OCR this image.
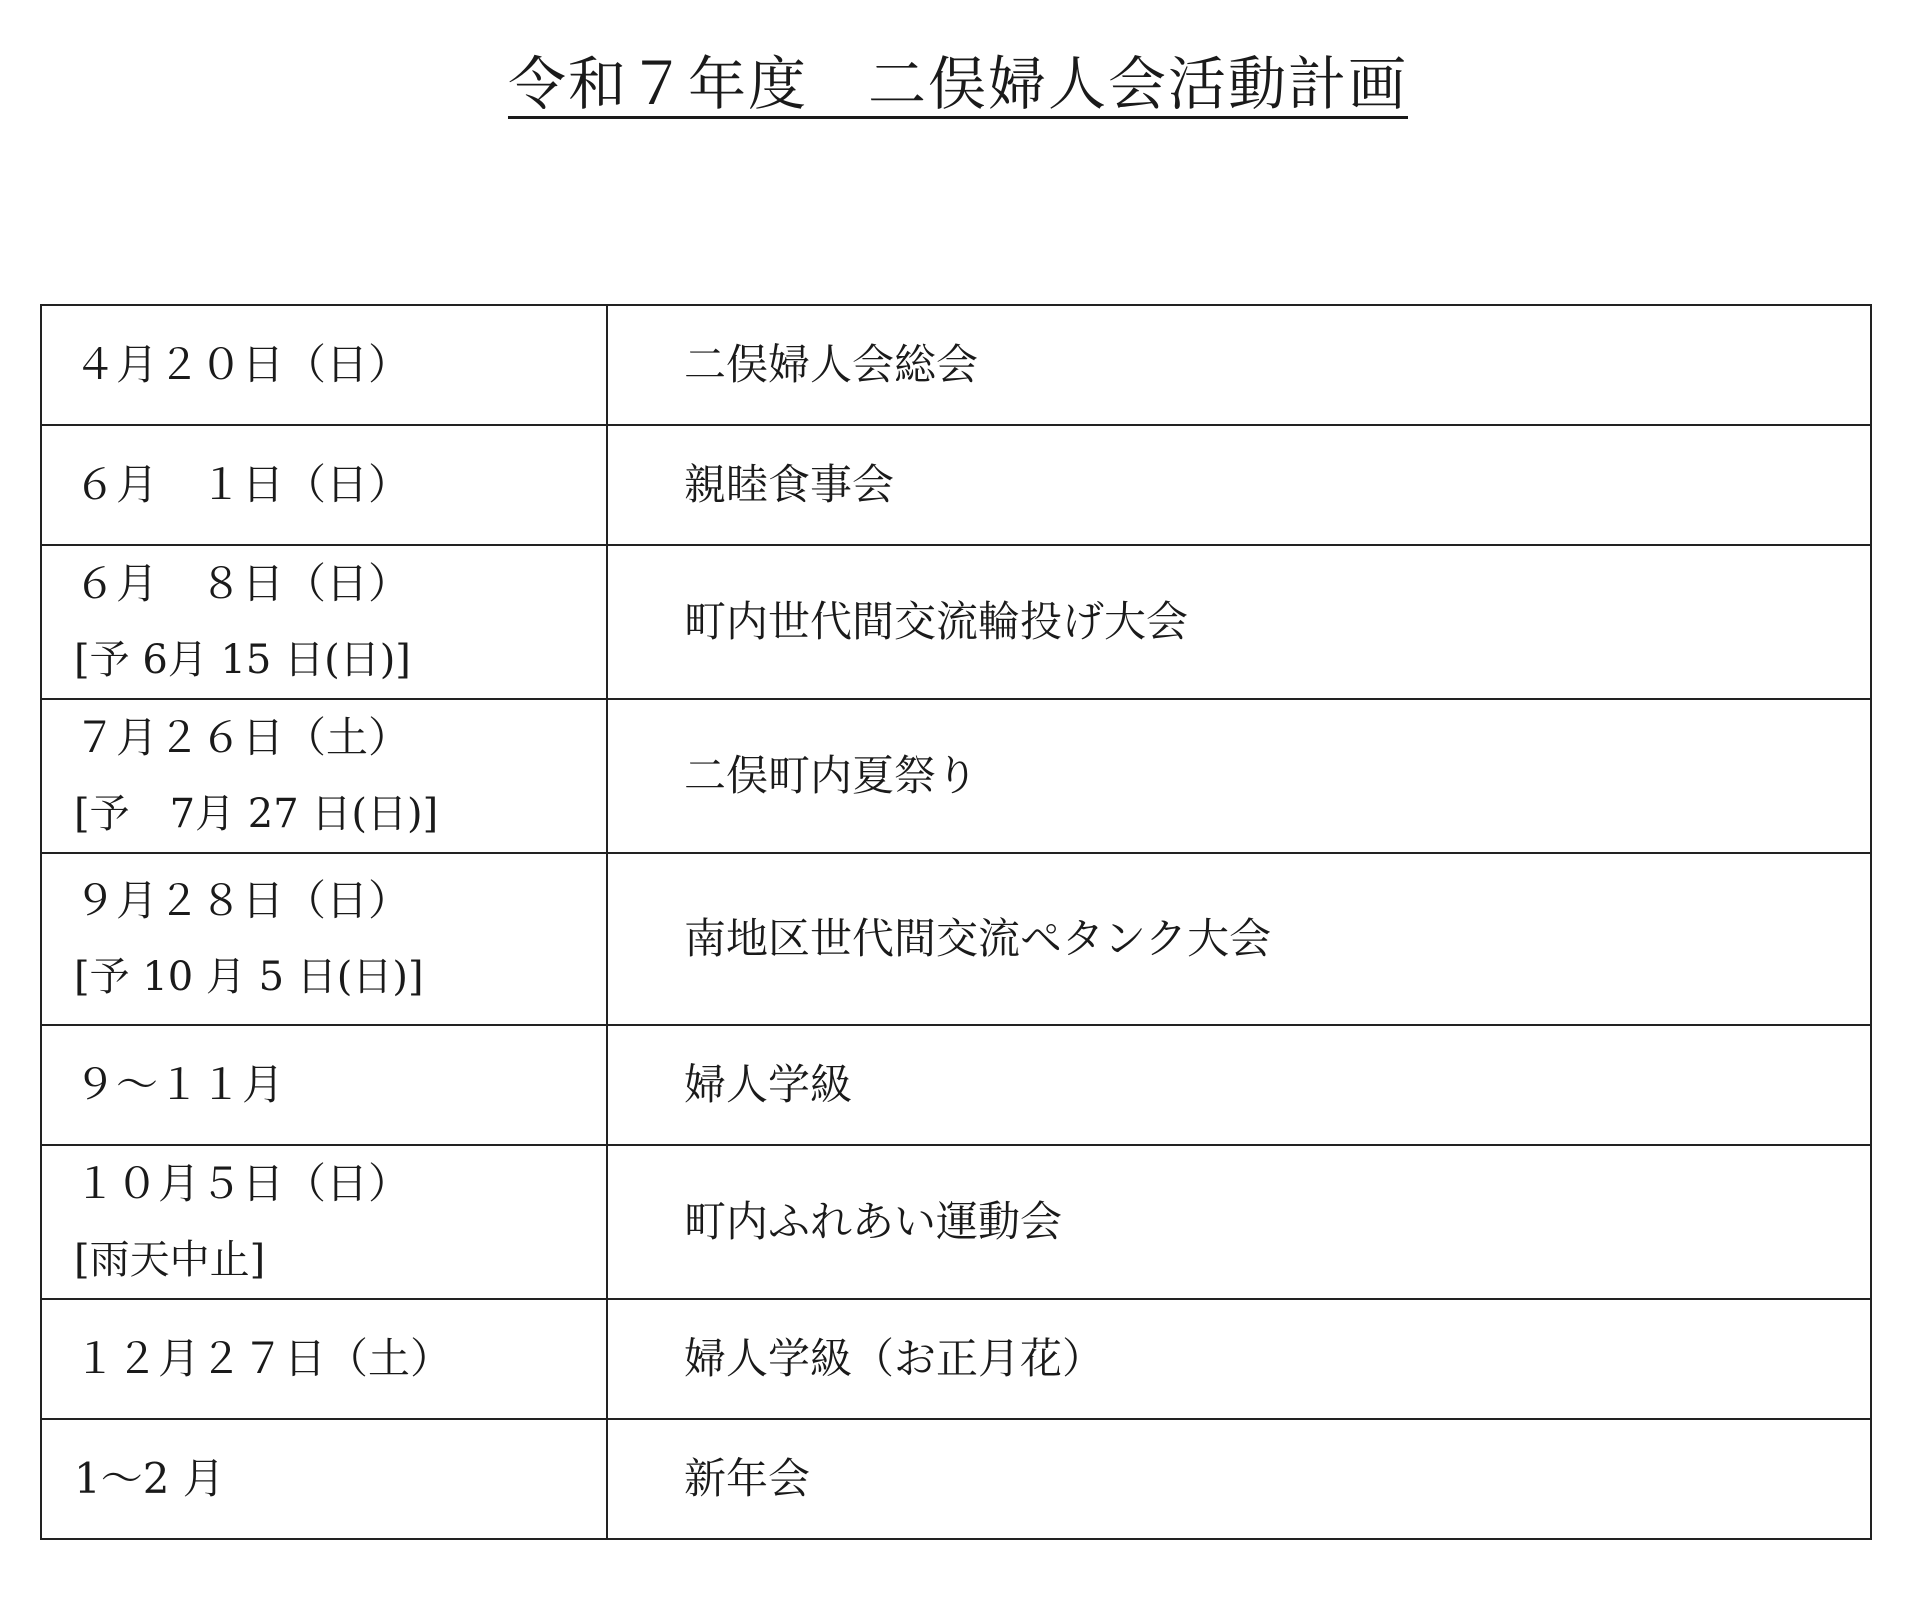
令和７年度　二俣婦人会活動計画
４月２０日（日）	二俣婦人会総会

６月　１日（日）	親睦食事会

６月　８日（日）
[予 6月 15 日(日)]	町内世代間交流輪投げ大会

７月２６日（土）
[予　7月 27 日(日)]	二俣町内夏祭り

９月２８日（日）
[予 10 月 5 日(日)]	南地区世代間交流ペタンク大会

９～１１月	婦人学級

１０月５日（日）
[雨天中止]	町内ふれあい運動会

１２月２７日（土）	婦人学級（お正月花）

1～2 月	新年会
